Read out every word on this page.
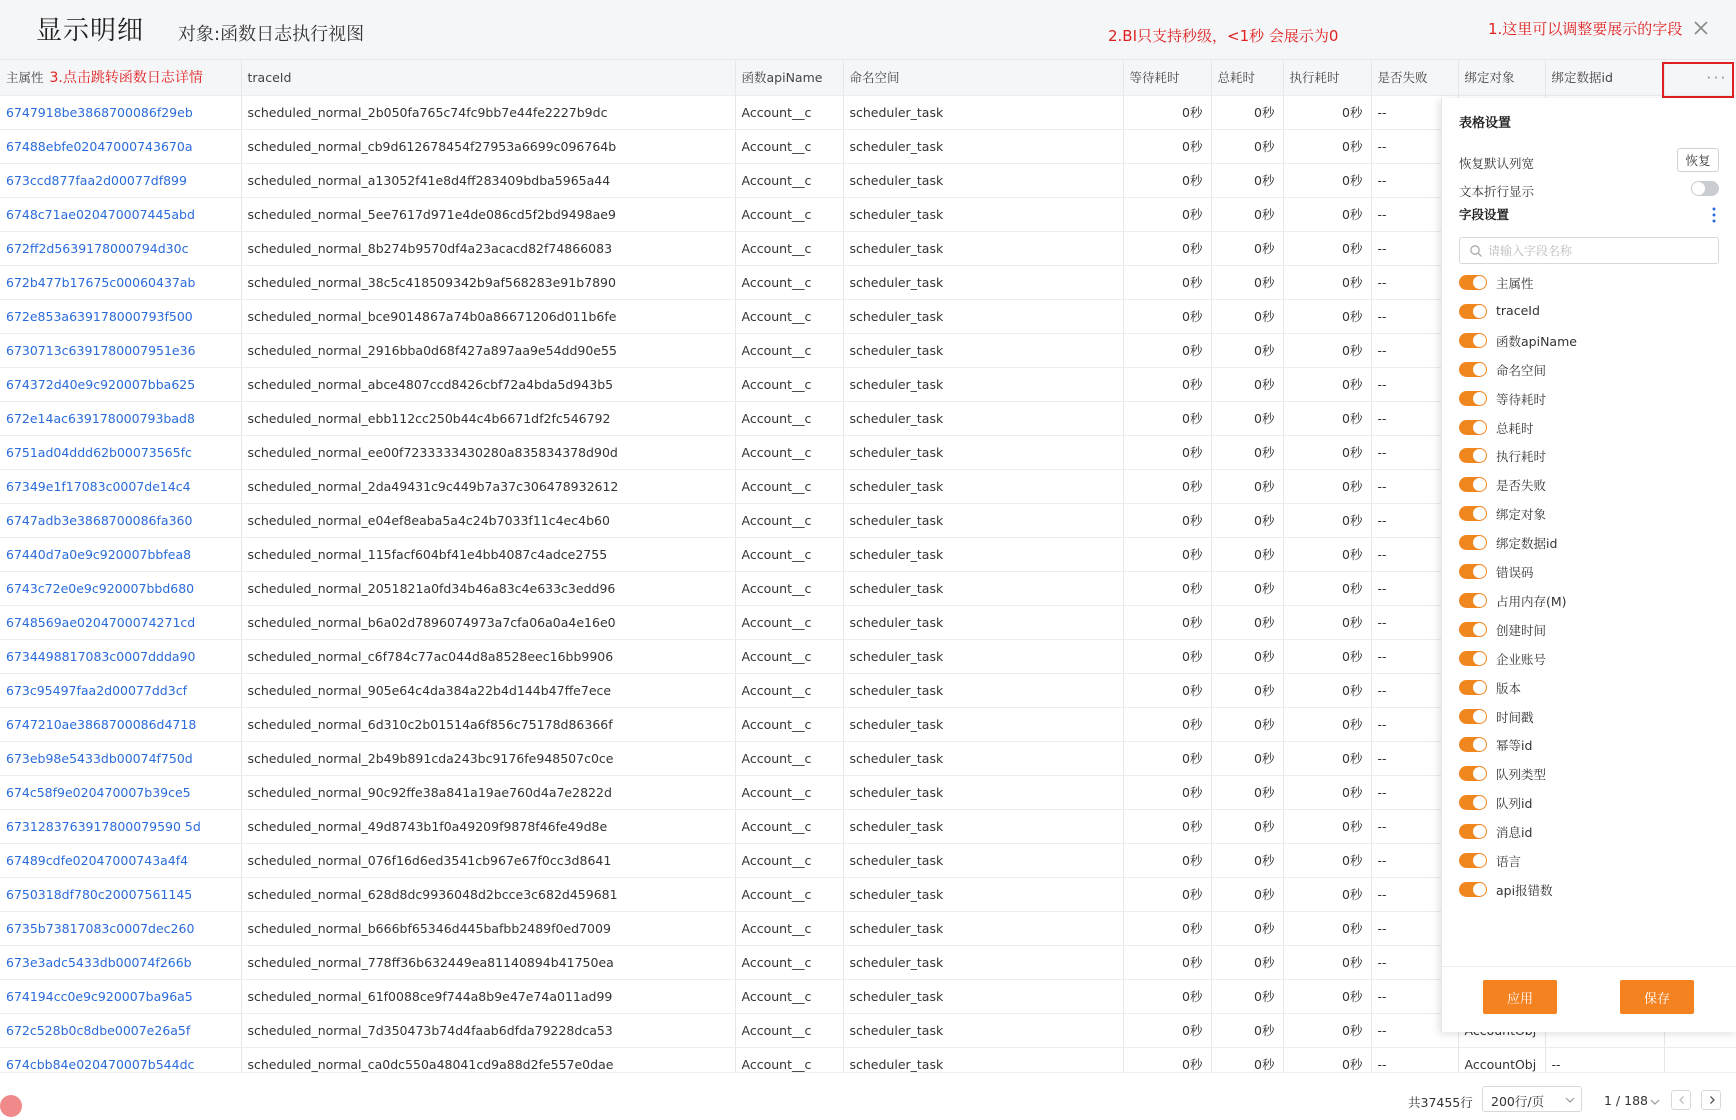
显示明细 对象:函数日志执行视图	2.BI只支持秒级，<1秒 会展示为0	1.这里可以调整要展示的字段
主属性 3.点击跳转函数日志详情	traceId	函数apiName	命名空间	等待耗时	总耗时	执行耗时	是否失败	绑定对象	绑定数据id	···

6747918be3868700086f29eb	scheduled_normal_2b050fa765c74fc9bb7e44fe2227b9dc	Account__c	scheduler_task	0秒	0秒	0秒	--			
67488ebfe02047000743670a	scheduled_normal_cb9d612678454f27953a6699c096764b	Account__c	scheduler_task	0秒	0秒	0秒	--			
673ccd877faa2d00077df899	scheduled_normal_a13052f41e8d4ff283409bdba5965a44	Account__c	scheduler_task	0秒	0秒	0秒	--			
6748c71ae020470007445abd	scheduled_normal_5ee7617d971e4de086cd5f2bd9498ae9	Account__c	scheduler_task	0秒	0秒	0秒	--			
672ff2d5639178000794d30c	scheduled_normal_8b274b9570df4a23acacd82f74866083	Account__c	scheduler_task	0秒	0秒	0秒	--			
672b477b17675c00060437ab	scheduled_normal_38c5c418509342b9af568283e91b7890	Account__c	scheduler_task	0秒	0秒	0秒	--			
672e853a639178000793f500	scheduled_normal_bce9014867a74b0a86671206d011b6fe	Account__c	scheduler_task	0秒	0秒	0秒	--			
6730713c6391780007951e36	scheduled_normal_2916bba0d68f427a897aa9e54dd90e55	Account__c	scheduler_task	0秒	0秒	0秒	--			
674372d40e9c920007bba625	scheduled_normal_abce4807ccd8426cbf72a4bda5d943b5	Account__c	scheduler_task	0秒	0秒	0秒	--			
672e14ac639178000793bad8	scheduled_normal_ebb112cc250b44c4b6671df2fc546792	Account__c	scheduler_task	0秒	0秒	0秒	--			
6751ad04ddd62b00073565fc	scheduled_normal_ee00f7233333430280a835834378d90d	Account__c	scheduler_task	0秒	0秒	0秒	--			
67349e1f17083c0007de14c4	scheduled_normal_2da49431c9c449b7a37c306478932612	Account__c	scheduler_task	0秒	0秒	0秒	--			
6747adb3e3868700086fa360	scheduled_normal_e04ef8eaba5a4c24b7033f11c4ec4b60	Account__c	scheduler_task	0秒	0秒	0秒	--			
67440d7a0e9c920007bbfea8	scheduled_normal_115facf604bf41e4bb4087c4adce2755	Account__c	scheduler_task	0秒	0秒	0秒	--			
6743c72e0e9c920007bbd680	scheduled_normal_2051821a0fd34b46a83c4e633c3edd96	Account__c	scheduler_task	0秒	0秒	0秒	--			
6748569ae0204700074271cd	scheduled_normal_b6a02d7896074973a7cfa06a0a4e16e0	Account__c	scheduler_task	0秒	0秒	0秒	--			
6734498817083c0007ddda90	scheduled_normal_c6f784c77ac044d8a8528eec16bb9906	Account__c	scheduler_task	0秒	0秒	0秒	--			
673c95497faa2d00077dd3cf	scheduled_normal_905e64c4da384a22b4d144b47ffe7ece	Account__c	scheduler_task	0秒	0秒	0秒	--			
6747210ae3868700086d4718	scheduled_normal_6d310c2b01514a6f856c75178d86366f	Account__c	scheduler_task	0秒	0秒	0秒	--			
673eb98e5433db00074f750d	scheduled_normal_2b49b891cda243bc9176fe948507c0ce	Account__c	scheduler_task	0秒	0秒	0秒	--			
674c58f9e020470007b39ce5	scheduled_normal_90c92ffe38a841a19ae760d4a7e2822d	Account__c	scheduler_task	0秒	0秒	0秒	--			
6731283763917800079590 5d	scheduled_normal_49d8743b1f0a49209f9878f46fe49d8e	Account__c	scheduler_task	0秒	0秒	0秒	--			
67489cdfe02047000743a4f4	scheduled_normal_076f16d6ed3541cb967e67f0cc3d8641	Account__c	scheduler_task	0秒	0秒	0秒	--			
6750318df780c20007561145	scheduled_normal_628d8dc9936048d2bcce3c682d459681	Account__c	scheduler_task	0秒	0秒	0秒	--			
6735b73817083c0007dec260	scheduled_normal_b666bf65346d445bafbb2489f0ed7009	Account__c	scheduler_task	0秒	0秒	0秒	--			
673e3adc5433db00074f266b	scheduled_normal_778ff36b632449ea81140894b41750ea	Account__c	scheduler_task	0秒	0秒	0秒	--			
674194cc0e9c920007ba96a5	scheduled_normal_61f0088ce9f744a8b9e47e74a011ad99	Account__c	scheduler_task	0秒	0秒	0秒	--			
672c528b0c8dbe0007e26a5f	scheduled_normal_7d350473b74d4faab6dfda79228dca53	Account__c	scheduler_task	0秒	0秒	0秒	--			
674cbb84e020470007b544dc	scheduled_normal_ca0dc550a48041cd9a88d2fe557e0dae	Account__c	scheduler_task	0秒	0秒	0秒	--	AccountObj	--	
表格设置
恢复默认列宽	恢复
文本折行显示
字段设置
请输入字段名称
主属性
traceId
函数apiName
命名空间
等待耗时
总耗时
执行耗时
是否失败
绑定对象
绑定数据id
错误码
占用内存(M)
创建时间
企业账号
版本
时间戳
幂等id
队列类型
队列id
消息id
语言
api报错数
应用	保存
共37455行	200行/页	1 / 188
